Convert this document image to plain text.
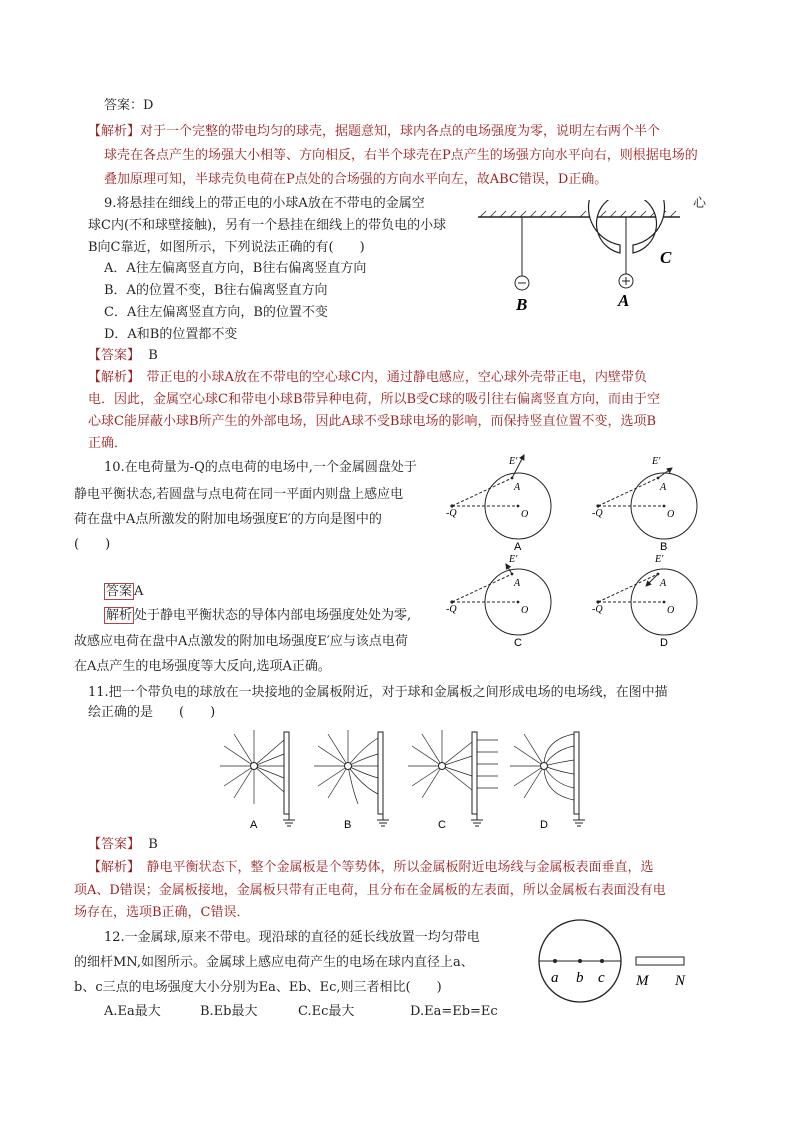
答案：D
【解析】对于一个完整的带电均匀的球壳，据题意知，球内各点的电场强度为零，说明左右两个半个
球壳在各点产生的场强大小相等、方向相反，右半个球壳在P点产生的场强方向水平向右，则根据电场的
叠加原理可知，半球壳负电荷在P点处的合场强的方向水平向左，故ABC错误，D正确。
9.将悬挂在细线上的带正电的小球A放在不带电的金属空
球C内(不和球壁接触)，另有一个悬挂在细线上的带负电的小球
B向C靠近，如图所示，下列说法正确的有(　　)
A．A往左偏离竖直方向，B往右偏离竖直方向
B．A的位置不变，B往右偏离竖直方向
C．A往左偏离竖直方向，B的位置不变
D．A和B的位置都不变
【答案】 B
【解析】　带正电的小球A放在不带电的空心球C内，通过静电感应，空心球外壳带正电，内壁带负
电．因此，金属空心球C和带电小球B带异种电荷，所以B受C球的吸引往右偏离竖直方向，而由于空
心球C能屏蔽小球B所产生的外部电场，因此A球不受B球电场的影响，而保持竖直位置不变，选项B
正确．
心
B	A
C
10.在电荷量为-Q的点电荷的电场中,一个金属圆盘处于
静电平衡状态,若圆盘与点电荷在同一平面内则盘上感应电
荷在盘中A点所激发的附加电场强度E′的方向是图中的
(　　)
答案 A
解析 处于静电平衡状态的导体内部电场强度处处为零,
故感应电荷在盘中A点激发的附加电场强度E′应与该点电荷
在A点产生的电场强度等大反向,选项A正确。
-Q
E′
A
O
A
-Q
E′
A
O
B
-Q
E′
A
O
C
-Q
E′
A
O
D
11.把一个带负电的球放在一块接地的金属板附近，对于球和金属板之间形成电场的电场线，在图中描
绘正确的是　　(　　)
A	B	C	D
【答案】 B
【解析】　静电平衡状态下，整个金属板是个等势体，所以金属板附近电场线与金属板表面垂直，选
项A、D错误；金属板接地，金属板只带有正电荷，且分布在金属板的左表面，所以金属板右表面没有电
场存在，选项B正确，C错误．
12.一金属球,原来不带电。现沿球的直径的延长线放置一均匀带电
的细杆MN,如图所示。金属球上感应电荷产生的电场在球内直径上a、
b、c三点的电场强度大小分别为Ea、Eb、Ec,则三者相比(　　)
A.Ea最大	B.Eb最大	C.Ec最大	D.Ea=Eb=Ec
a b c M N
